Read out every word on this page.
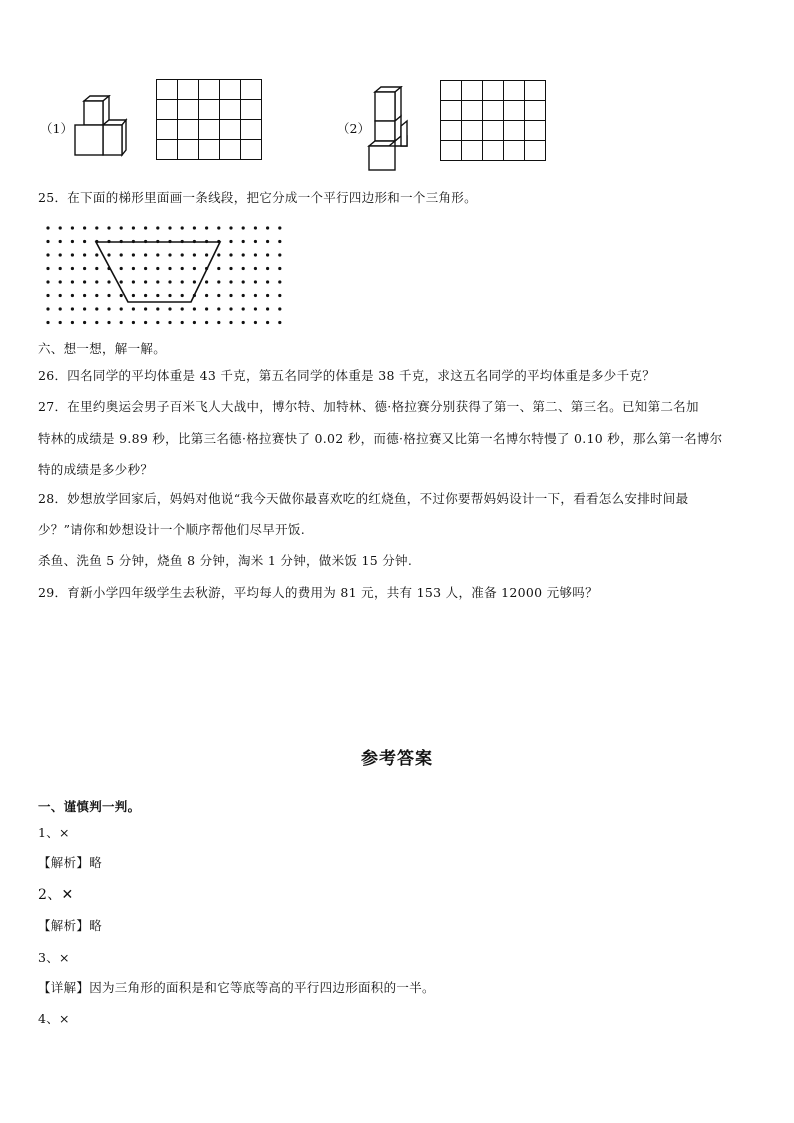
（1）

					（2）

25．在下面的梯形里面画一条线段，把它分成一个平行四边形和一个三角形。
六、想一想，解一解。
26．四名同学的平均体重是 43 千克，第五名同学的体重是 38 千克，求这五名同学的平均体重是多少千克？
27．在里约奥运会男子百米飞人大战中，博尔特、加特林、德·格拉赛分别获得了第一、第二、第三名。已知第二名加
特林的成绩是 9.89 秒，比第三名德·格拉赛快了 0.02 秒，而德·格拉赛又比第一名博尔特慢了 0.10 秒，那么第一名博尔
特的成绩是多少秒？
28．妙想放学回家后，妈妈对他说“我今天做你最喜欢吃的红烧鱼，不过你要帮妈妈设计一下，看看怎么安排时间最
少？”请你和妙想设计一个顺序帮他们尽早开饭.
杀鱼、洗鱼 5 分钟，烧鱼 8 分钟，淘米 1 分钟，做米饭 15 分钟.
29．育新小学四年级学生去秋游，平均每人的费用为 81 元，共有 153 人，准备 12000 元够吗？
参考答案
一、谨慎判一判。
1、×
【解析】略
2、✕
【解析】略
3、×
【详解】因为三角形的面积是和它等底等高的平行四边形面积的一半。
4、×
